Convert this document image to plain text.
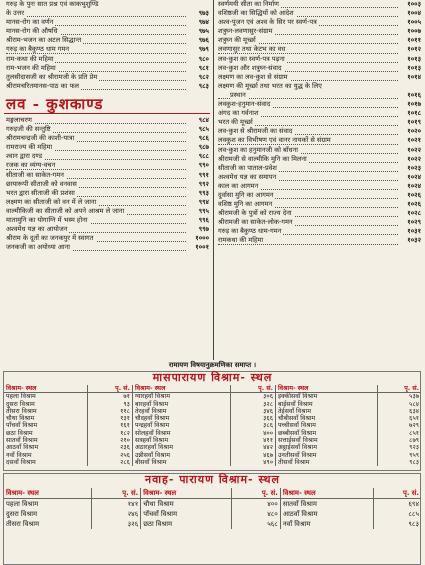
गरुड़ के पुनः सात प्रश्न एवं काकभुशुण्डि
के उत्तर	९७३
मानस-रोग का वर्णन	९७४
मानस-रोग की औषधि	९७५
श्रीराम-भजन का अटल सिद्धान्त	९७६
गरुड़ का बैकुण्ठ धाम गमन	९७९
राम-कथा की महिमा	९८०
राम-भजन की महिमा	९८१
तुलसीदासजी का श्रीरामजी के प्रति प्रेम	९८२
श्रीरामचरितमानस-पाठ का फल	९८३
लव - कुशकाण्ड
मङ्गलाचरण	९८४
गरुड़जी की सन्तुष्टि	९८५
श्रीरामचन्द्रजी की काशी-यात्रा	९८६
रामराज्य की महिमा	९८७
श्वान द्वारा दण्ड	९८८
रजक का व्यंग्य-वचन	९९०
सीताजी का साकेत-गमन	९९१
छायारूपी सीताजी को वनवास	९९२
भरत द्वारा सीताजी की प्रशंसा	९९३
लक्ष्मण का सीताजी को वन में ले जाना	९९४
वाल्मीकिजी का सीताजी को अपने आश्रम ले जाना	९९५
मातामुनि का योगाग्नि में भस्म होना	९९६
अश्वमेध यज्ञ का आयोजन	९९७
श्रीराम के दूतों का जनकपुर में स्वागत	१०००
जनकजी का अयोध्या आना	१००१
स्वर्णमयी सीता का निर्माण	१००३
वशिष्ठजी का सिद्धियों को आदेश	१००४
अश्व-पूजन एवं अश्व के सिर पर स्वर्ण-पत्र	१००५
शत्रुघ्न-लवणासुर-संग्राम	१००७
शत्रुघ्न की मूर्च्छा	१०११
लवणासुर तथा केटभ का वध	१०१२
लव-कुश का स्वर्ण-पत्र पढ़ना	१०१३
लव-कुश और शत्रुघ्न-संवाद	१०१३
लक्ष्मण का लव-कुश से संग्राम	१०१४
लक्ष्मण की मूर्च्छा तथा भरत का युद्ध के लिए
प्रस्थान	१०१६
लवकुश-हनुमान-संवाद	१०१७
अंगद का गर्वनाश	१०१८
भरत की मूर्च्छा	१०१९
लव-कुश से श्रीरामजी का संवाद	१०२०
लवकुश का विभीषण एवं वानर नायकों से संग्राम	१०२१
लव-कुश का हनुमानजी को बाँधना	१०२२
श्रीरामजी से वाल्मीकि मुनि का मिलना	१०२२
सीताजी का पाताल-प्रवेश	१०२३
अश्वमेध यज्ञ का समापन	१०२४
काल का आगमन	१०२४
दुर्वासा मुनि का आगमन	१०२६
वशिष्ठ मुनि का आगमन	१०२६
श्रीरामजी के पुत्रों को राज्य देना	१०२८
श्रीरामजी का साकेत-लोक-गमन	१०२९
गरुड़ का बैकुण्ठ धाम-गमन	१०३१
रामकथा की महिमा	१०३२
रामायण विषयानुक्रमणिका समाप्त ।
मासपारायण विश्राम- स्थल
विश्राम- स्थल	पृ. सं.	विश्राम- स्थल	पृ. सं.	विश्राम- स्थल	पृ. सं.
पहला विश्राम	७१	ग्यारहवाँ विश्राम	३०६	इक्कीसवाँ विश्राम	५३७
दुसरा विश्राम	९३	बारहवाँ विश्राम	३२८	बाईसवाँ विश्राम	५८४
तीसरा विश्राम	११८	तेरहवाँ विश्राम	३४६	तेईसवाँ विश्राम	६३४
चौथा विश्राम	१३१	चौदहवाँ विश्राम	३६६	चौबीसवाँ विश्राम	६५१
पाँचवाँ विश्राम	१६१	पन्द्रहवाँ विश्राम	३८६	पच्चीसवाँ विश्राम	७२९
छठा विश्राम	१८२	सोलहवाँ विश्राम	४००	छब्बीसवाँ विश्राम	८५१
सातवाँ विश्राम	२१०	सत्रहवाँ विश्राम	४११	सत्ताईसवाँ विश्राम	८७९
आठवाँ विश्राम	२३६	अठारहवाँ विश्राम	४४२	अट्ठाईसवाँ विश्राम	९२३
नवाँ विश्राम	२५६	उन्नीसवाँ विश्राम	४६७	उनतीसवाँ विश्राम	९५९
दसवाँ विश्राम	२८६	बीसवाँ विश्राम	४९०	तीसवाँ विश्राम	९८३
नवाह- पारायण विश्राम- स्थल
विश्राम- स्थल	पृ. सं.	विश्राम- स्थल	पृ. सं.	विश्राम- स्थल	पृ. सं.
पहला विश्राम	१४१	चौथा विश्राम	४००	सातवाँ विश्राम	६९४
दुसरा विश्राम	२४६	पाँचवाँ विश्राम	४८०	आठवाँ विश्राम	८८५
तीसरा विश्राम	३२६	छठा विश्राम	५६८	नवाँ विश्राम	९८३
